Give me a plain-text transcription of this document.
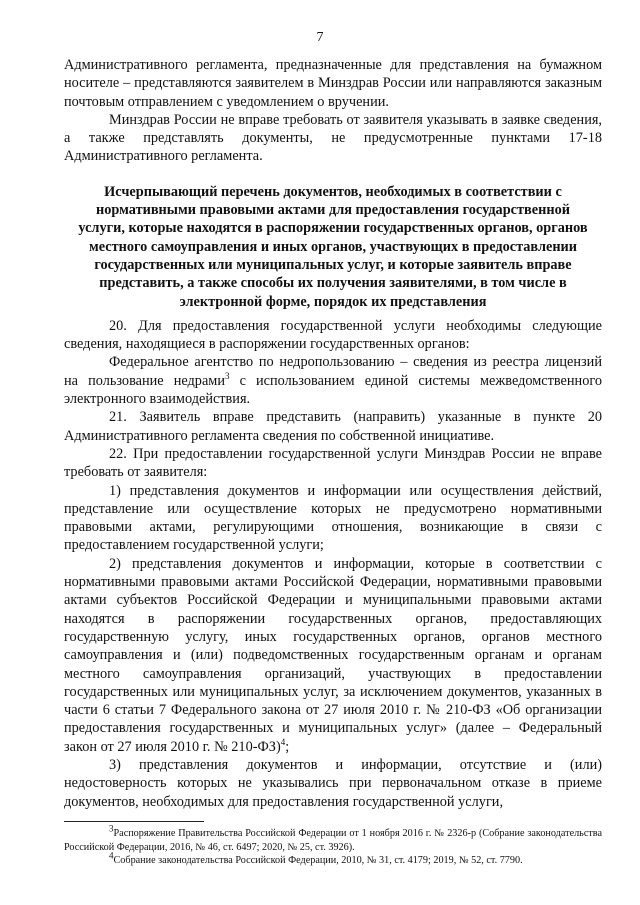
7

Административного регламента, предназначенные для представления на бумажном носителе – представляются заявителем в Минздрав России или направляются заказным почтовым отправлением с уведомлением о вручении.

Минздрав России не вправе требовать от заявителя указывать в заявке сведения, а также представлять документы, не предусмотренные пунктами 17-18 Административного регламента.

Исчерпывающий перечень документов, необходимых в соответствии с нормативными правовыми актами для предоставления государственной услуги, которые находятся в распоряжении государственных органов, органов местного самоуправления и иных органов, участвующих в предоставлении государственных или муниципальных услуг, и которые заявитель вправе представить, а также способы их получения заявителями, в том числе в электронной форме, порядок их представления

20. Для предоставления государственной услуги необходимы следующие сведения, находящиеся в распоряжении государственных органов:

Федеральное агентство по недропользованию – сведения из реестра лицензий на пользование недрами$^3$ с использованием единой системы межведомственного электронного взаимодействия.

21. Заявитель вправе представить (направить) указанные в пункте 20 Административного регламента сведения по собственной инициативе.

22. При предоставлении государственной услуги Минздрав России не вправе требовать от заявителя:

1) представления документов и информации или осуществления действий, представление или осуществление которых не предусмотрено нормативными правовыми актами, регулирующими отношения, возникающие в связи с предоставлением государственной услуги;

2) представления документов и информации, которые в соответствии с нормативными правовыми актами Российской Федерации, нормативными правовыми актами субъектов Российской Федерации и муниципальными правовыми актами находятся в распоряжении государственных органов, предоставляющих государственную услугу, иных государственных органов, органов местного самоуправления и (или) подведомственных государственным органам и органам местного самоуправления организаций, участвующих в предоставлении государственных или муниципальных услуг, за исключением документов, указанных в части 6 статьи 7 Федерального закона от 27 июля 2010 г. № 210-ФЗ «Об организации предоставления государственных и муниципальных услуг» (далее – Федеральный закон от 27 июля 2010 г. № 210-ФЗ)$^4$;

3) представления документов и информации, отсутствие и (или) недостоверность которых не указывались при первоначальном отказе в приеме документов, необходимых для предоставления государственной услуги,

$^3$Распоряжение Правительства Российской Федерации от 1 ноября 2016 г. № 2326-р (Собрание законодательства Российской Федерации, 2016, № 46, ст. 6497; 2020, № 25, ст. 3926).

$^4$Собрание законодательства Российской Федерации, 2010, № 31, ст. 4179; 2019, № 52, ст. 7790.
